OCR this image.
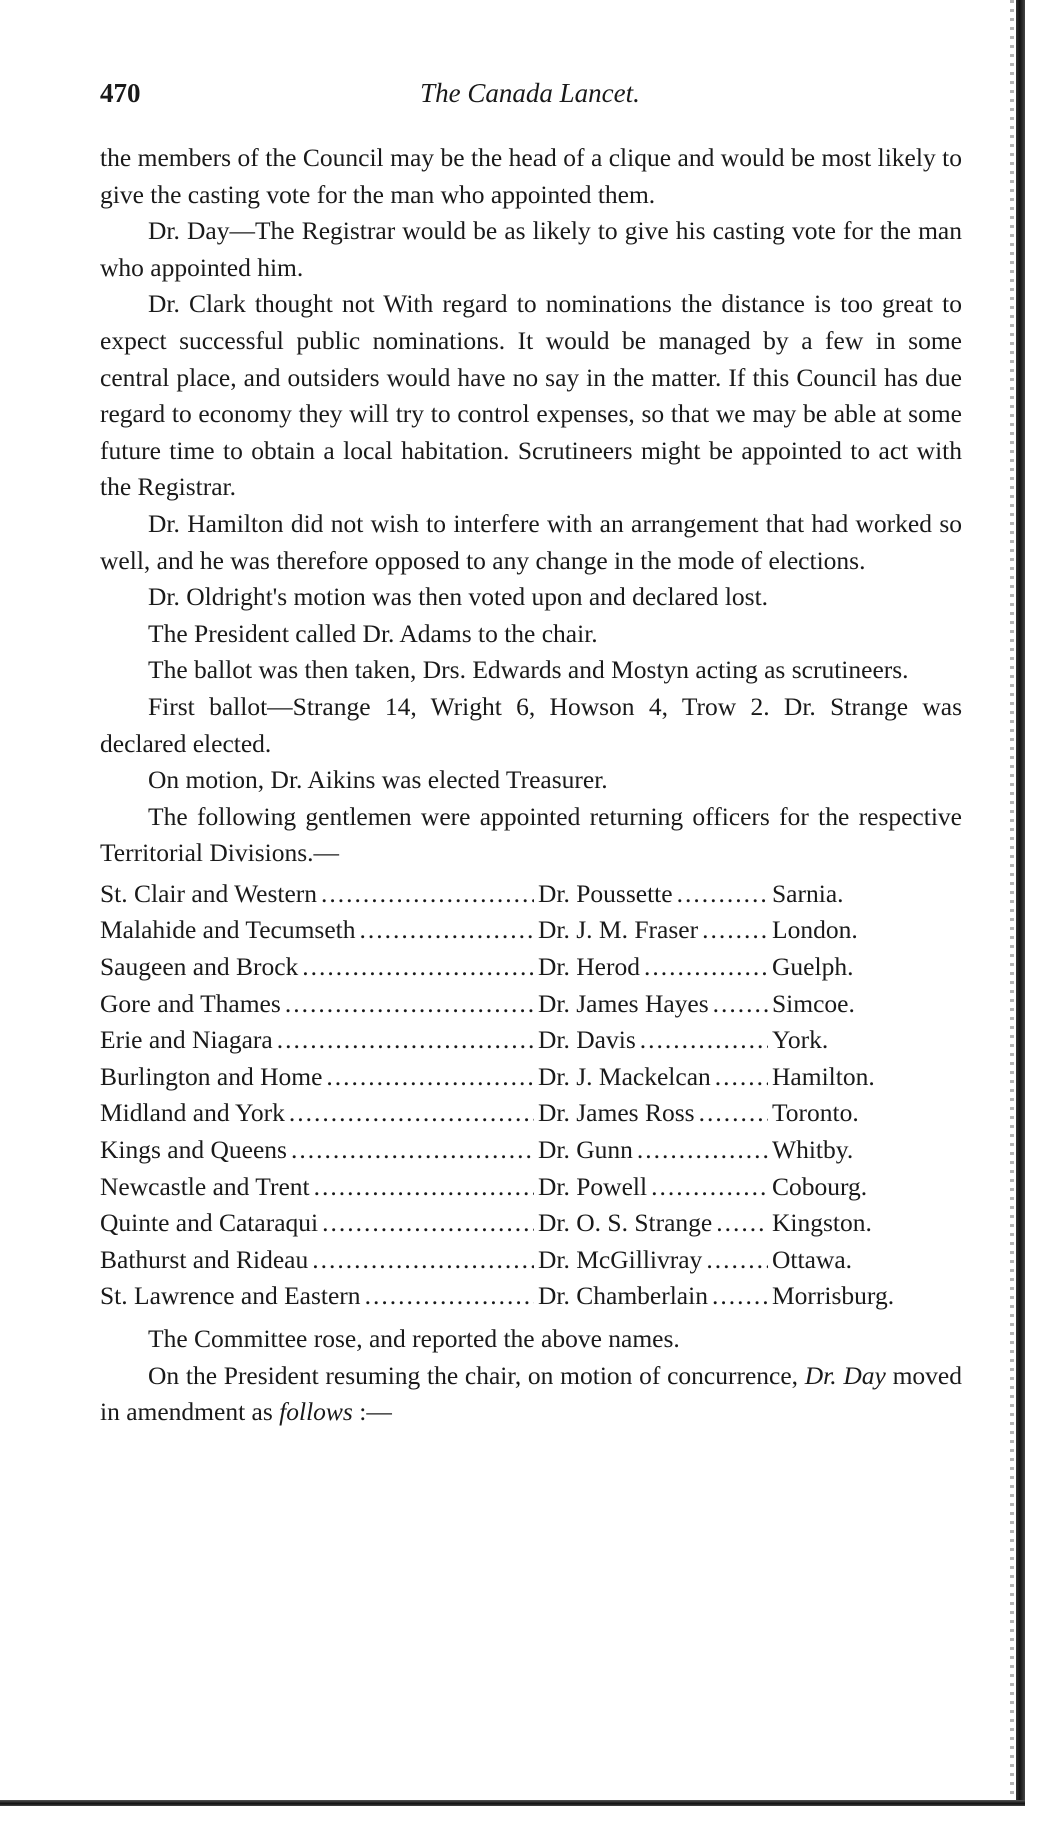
470	The Canada Lancet.

the members of the Council may be the head of a clique and would be most likely to give the casting vote for the man who appointed them.

Dr. Day—The Registrar would be as likely to give his casting vote for the man who appointed him.

Dr. Clark thought not With regard to nominations the distance is too great to expect successful public nominations. It would be managed by a few in some central place, and outsiders would have no say in the matter. If this Council has due regard to economy they will try to control expenses, so that we may be able at some future time to obtain a local habitation. Scrutineers might be appointed to act with the Registrar.

Dr. Hamilton did not wish to interfere with an arrangement that had worked so well, and he was therefore opposed to any change in the mode of elections.

Dr. Oldright's motion was then voted upon and declared lost.

The President called Dr. Adams to the chair.

The ballot was then taken, Drs. Edwards and Mostyn acting as scrutineers.

First ballot—Strange 14, Wright 6, Howson 4, Trow 2. Dr. Strange was declared elected.

On motion, Dr. Aikins was elected Treasurer.

The following gentlemen were appointed returning officers for the respective Territorial Divisions.—

St. Clair and Western .....	Dr. Poussette .....	Sarnia.
Malahide and Tecumseth .....	Dr. J. M. Fraser .....	London.
Saugeen and Brock .....	Dr. Herod .....	Guelph.
Gore and Thames .....	Dr. James Hayes ..... Simcoe.
Erie and Niagara .....	Dr. Davis .....	York.
Burlington and Home .....	Dr. J. Mackelcan ..... Hamilton.
Midland and York .....	Dr. James Ross .....	Toronto.
Kings and Queens .....	Dr. Gunn .....	Whitby.
Newcastle and Trent .....	Dr. Powell .....	Cobourg.
Quinte and Cataraqui .....	Dr. O. S. Strange ..... Kingston.
Bathurst and Rideau .....	Dr. McGillivray .....	Ottawa.
St. Lawrence and Eastern .....	Dr. Chamberlain .....	Morrisburg.

The Committee rose, and reported the above names.

On the President resuming the chair, on motion of concurrence, Dr. Day moved in amendment as follows :—
